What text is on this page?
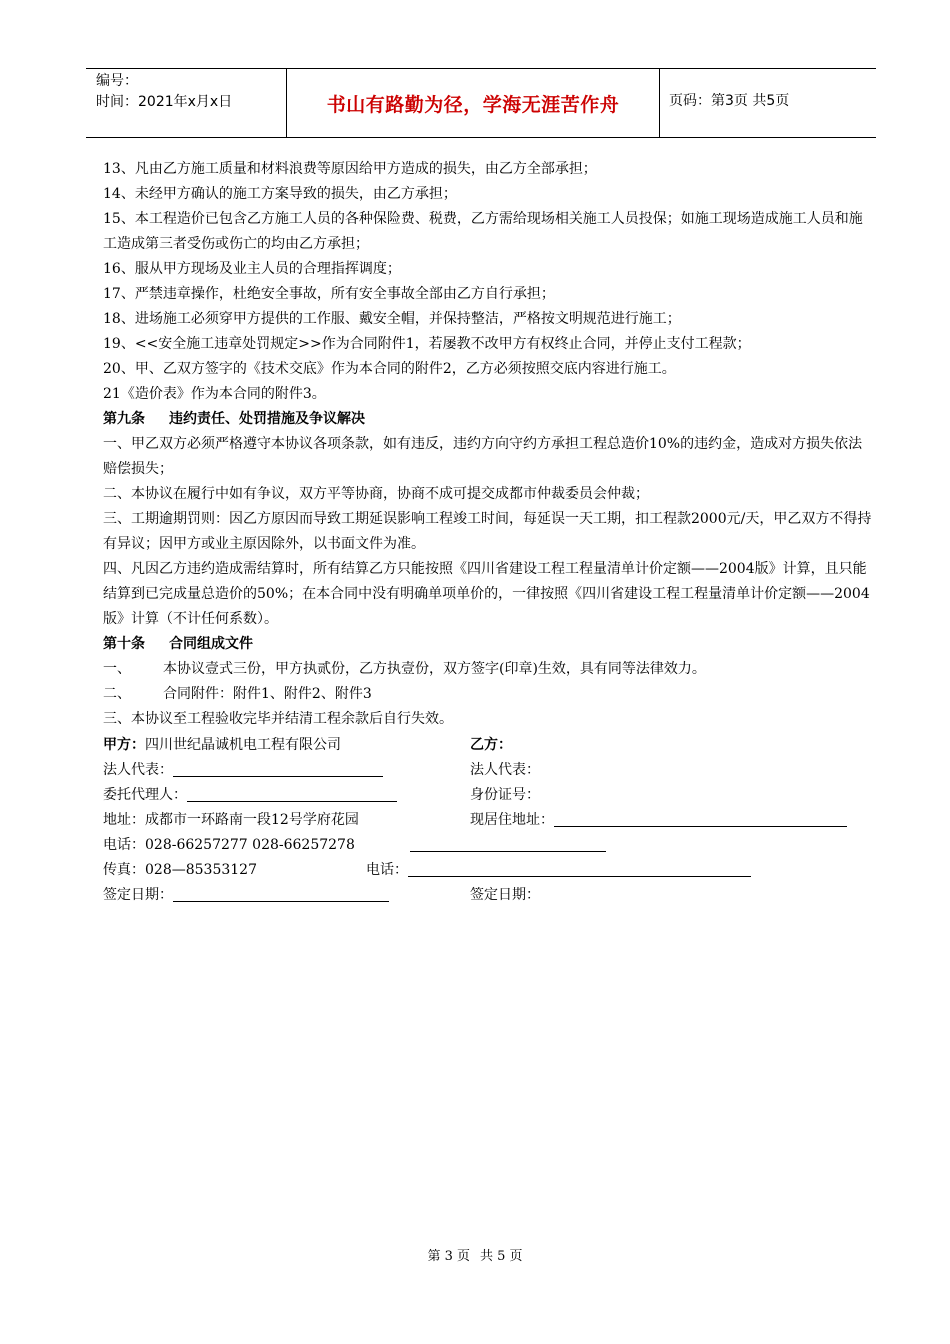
编号：
时间：2021年x月x日	书山有路勤为径，学海无涯苦作舟	页码：第3页 共5页

13、凡由乙方施工质量和材料浪费等原因给甲方造成的损失，由乙方全部承担；

14、未经甲方确认的施工方案导致的损失，由乙方承担；

15、本工程造价已包含乙方施工人员的各种保险费、税费，乙方需给现场相关施工人员投保；如施工现场造成施工人员和施工造成第三者受伤或伤亡的均由乙方承担；

16、服从甲方现场及业主人员的合理指挥调度；

17、严禁违章操作，杜绝安全事故，所有安全事故全部由乙方自行承担；

18、进场施工必须穿甲方提供的工作服、戴安全帽，并保持整洁，严格按文明规范进行施工；

19、<<安全施工违章处罚规定>>作为合同附件1，若屡教不改甲方有权终止合同，并停止支付工程款；

20、甲、乙双方签字的《技术交底》作为本合同的附件2，乙方必须按照交底内容进行施工。

21《造价表》作为本合同的附件3。

第九条 违约责任、处罚措施及争议解决

一、甲乙双方必须严格遵守本协议各项条款，如有违反，违约方向守约方承担工程总造价10%的违约金，造成对方损失依法赔偿损失；

二、本协议在履行中如有争议，双方平等协商，协商不成可提交成都市仲裁委员会仲裁；

三、工期逾期罚则：因乙方原因而导致工期延误影响工程竣工时间，每延误一天工期，扣工程款2000元/天，甲乙双方不得持有异议；因甲方或业主原因除外，以书面文件为准。

四、凡因乙方违约造成需结算时，所有结算乙方只能按照《四川省建设工程工程量清单计价定额——2004版》计算，且只能结算到已完成量总造价的50%；在本合同中没有明确单项单价的，一律按照《四川省建设工程工程量清单计价定额——2004版》计算（不计任何系数）。

第十条 合同组成文件

一、 本协议壹式三份，甲方执贰份，乙方执壹份，双方签字(印章)生效，具有同等法律效力。

二、 合同附件：附件1、附件2、附件3

三、本协议至工程验收完毕并结清工程余款后自行失效。

甲方：四川世纪晶诚机电工程有限公司	乙方：
法人代表：	法人代表：
委托代理人：	身份证号：
地址：成都市一环路南一段12号学府花园	现居住地址：
电话：028-66257277 028-66257278
传真：028—85353127	电话：
签定日期：	签定日期：
第 3 页 共 5 页
